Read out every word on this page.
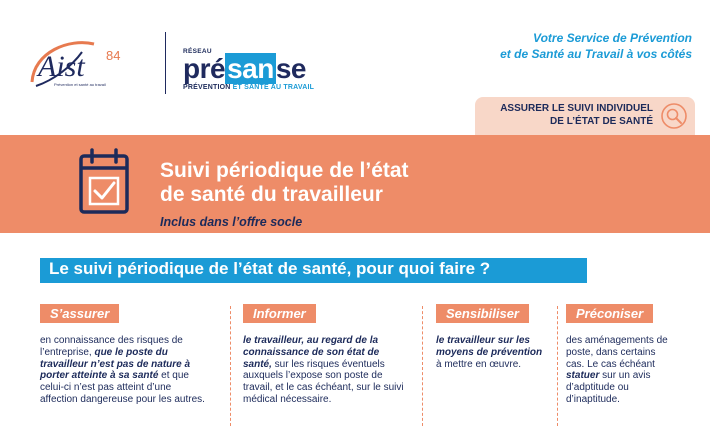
Aist 84
Prévention et santé au travail
RÉSEAU
présanse
PRÉVENTION ET SANTÉ AU TRAVAIL
Votre Service de Prévention
et de Santé au Travail à vos côtés
ASSURER LE SUIVI INDIVIDUEL
DE L’ÉTAT DE SANTÉ
Suivi périodique de l’état
de santé du travailleur
Inclus dans l’offre socle
Le suivi périodique de l’état de santé, pour quoi faire ?
S’assurer
en connaissance des risques de l’entreprise, que le poste du travailleur n’est pas de nature à porter atteinte à sa santé et que celui-ci n’est pas atteint d’une affection dangereuse pour les autres.
Informer
le travailleur, au regard de la connaissance de son état de santé, sur les risques éventuels auxquels l’expose son poste de travail, et le cas échéant, sur le suivi médical nécessaire.
Sensibiliser
le travailleur sur les moyens de prévention à mettre en œuvre.
Préconiser
des aménagements de poste, dans certains cas. Le cas échéant statuer sur un avis d’adptitude ou d’inaptitude.
